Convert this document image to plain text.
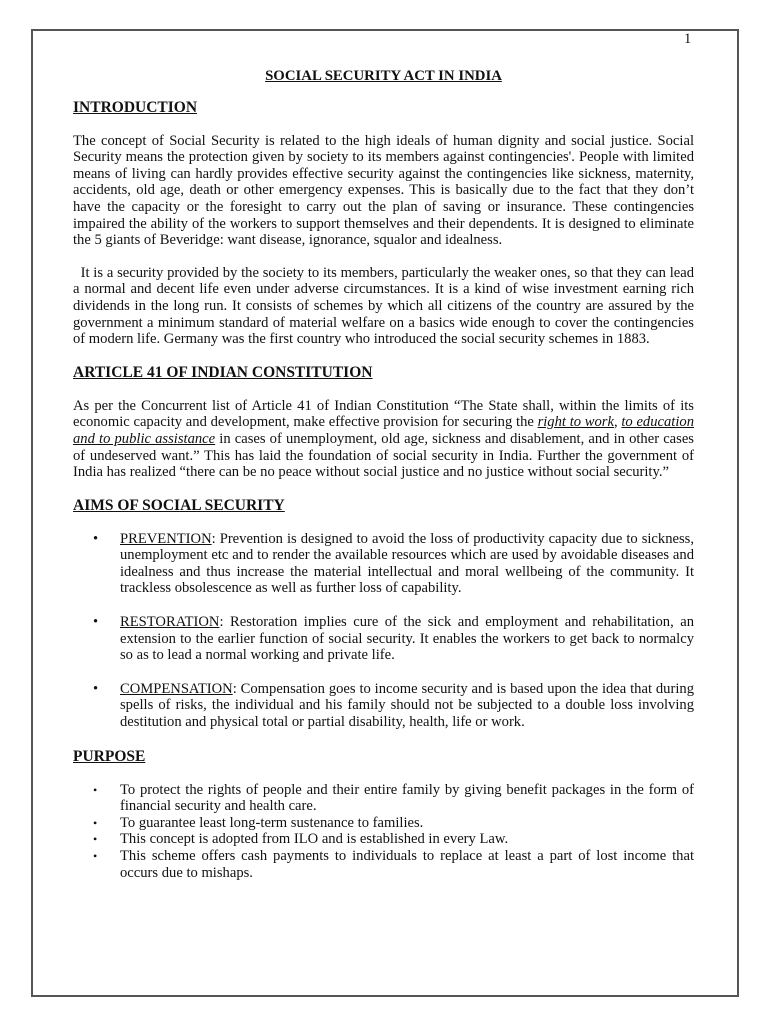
1
SOCIAL SECURITY ACT IN INDIA
INTRODUCTION

The concept of Social Security is related to the high ideals of human dignity and social justice. Social Security means the protection given by society to its members against contingencies'. People with limited means of living can hardly provides effective security against the contingencies like sickness, maternity, accidents, old age, death or other emergency expenses. This is basically due to the fact that they don’t have the capacity or the foresight to carry out the plan of saving or insurance. These contingencies impaired the ability of the workers to support themselves and their dependents. It is designed to eliminate the 5 giants of Beveridge: want disease, ignorance, squalor and idealness.

It is a security provided by the society to its members, particularly the weaker ones, so that they can lead a normal and decent life even under adverse circumstances. It is a kind of wise investment earning rich dividends in the long run. It consists of schemes by which all citizens of the country are assured by the government a minimum standard of material welfare on a basics wide enough to cover the contingencies of modern life. Germany was the first country who introduced the social security schemes in 1883.

ARTICLE 41 OF INDIAN CONSTITUTION

As per the Concurrent list of Article 41 of Indian Constitution “The State shall, within the limits of its economic capacity and development, make effective provision for securing the right to work, to education and to public assistance in cases of unemployment, old age, sickness and disablement, and in other cases of undeserved want.” This has laid the foundation of social security in India. Further the government of India has realized “there can be no peace without social justice and no justice without social security.”

AIMS OF SOCIAL SECURITY
• PREVENTION: Prevention is designed to avoid the loss of productivity capacity due to sickness, unemployment etc and to render the available resources which are used by avoidable diseases and idealness and thus increase the material intellectual and moral wellbeing of the community. It trackless obsolescence as well as further loss of capability.
• RESTORATION: Restoration implies cure of the sick and employment and rehabilitation, an extension to the earlier function of social security. It enables the workers to get back to normalcy so as to lead a normal working and private life.
• COMPENSATION: Compensation goes to income security and is based upon the idea that during spells of risks, the individual and his family should not be subjected to a double loss involving destitution and physical total or partial disability, health, life or work.
PURPOSE
• To protect the rights of people and their entire family by giving benefit packages in the form of financial security and health care.
• To guarantee least long-term sustenance to families.
• This concept is adopted from ILO and is established in every Law.
• This scheme offers cash payments to individuals to replace at least a part of lost income that occurs due to mishaps.
